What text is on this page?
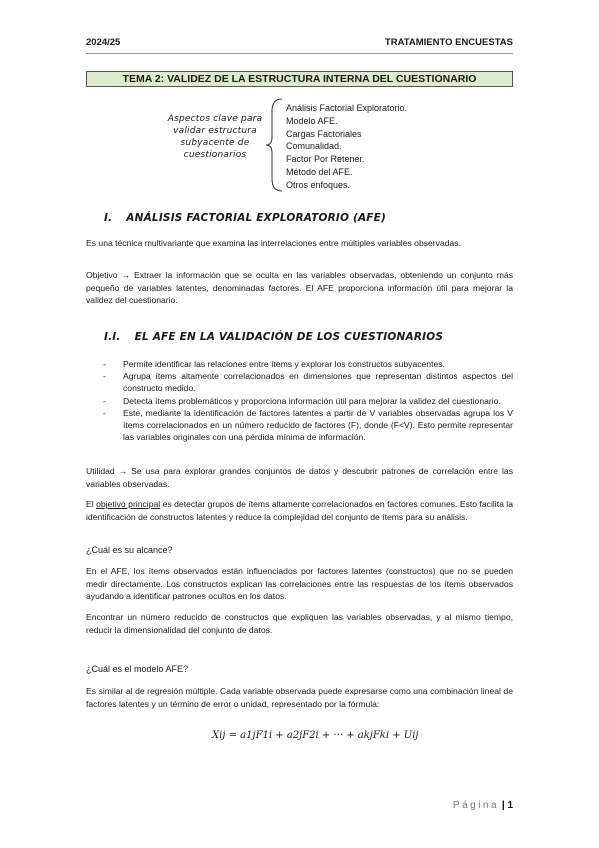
2024/25	TRATAMIENTO ENCUESTAS
TEMA 2: VALIDEZ DE LA ESTRUCTURA INTERNA DEL CUESTIONARIO
Aspectos clave para validar estructura subyacente de cuestionarios
Análisis Factorial Exploratorio.
Modelo AFE.
Cargas Factoriales
Comunalidad.
Factor Por Retener.
Método del AFE.
Otros enfoques.
I. ANÁLISIS FACTORIAL EXPLORATORIO (AFE)

Es una técnica multivariante que examina las interrelaciones entre múltiples variables observadas.

Objetivo → Extraer la información que se oculta en las variables observadas, obteniendo un conjunto más pequeño de variables latentes, denominadas factores. El AFE proporciona información útil para mejorar la validez del cuestionario.

I.I. EL AFE EN LA VALIDACIÓN DE LOS CUESTIONARIOS
- Permite identificar las relaciones entre ítems y explorar los constructos subyacentes.
- Agrupa ítems altamente correlacionados en dimensiones que representan distintos aspectos del constructo medido.
- Detecta ítems problemáticos y proporciona información útil para mejorar la validez del cuestionario.
- Este, mediante la identificación de factores latentes a partir de V variables observadas agrupa los V ítems correlacionados en un número reducido de factores (F), donde (F<V). Esto permite representar las variables originales con una pérdida mínima de información.

Utilidad → Se usa para explorar grandes conjuntos de datos y descubrir patrones de correlación entre las variables observadas.

El objetivo principal es detectar grupos de ítems altamente correlacionados en factores comunes. Esto facilita la identificación de constructos latentes y reduce la complejidad del conjunto de ítems para su análisis.

¿Cuál es su alcance?

En el AFE, los ítems observados están influenciados por factores latentes (constructos) que no se pueden medir directamente. Los constructos explican las correlaciones entre las respuestas de los ítems observados ayudando a identificar patrones ocultos en los datos.

Encontrar un número reducido de constructos que expliquen las variables observadas, y al mismo tiempo, reducir la dimensionalidad del conjunto de datos.

¿Cuál es el modelo AFE?

Es similar al de regresión múltiple. Cada variable observada puede expresarse como una combinación lineal de factores latentes y un término de error o unidad, representado por la fórmula:

Xij = a1jF1i + a2jF2i + ··· + akjFki + Uij
Página | 1
